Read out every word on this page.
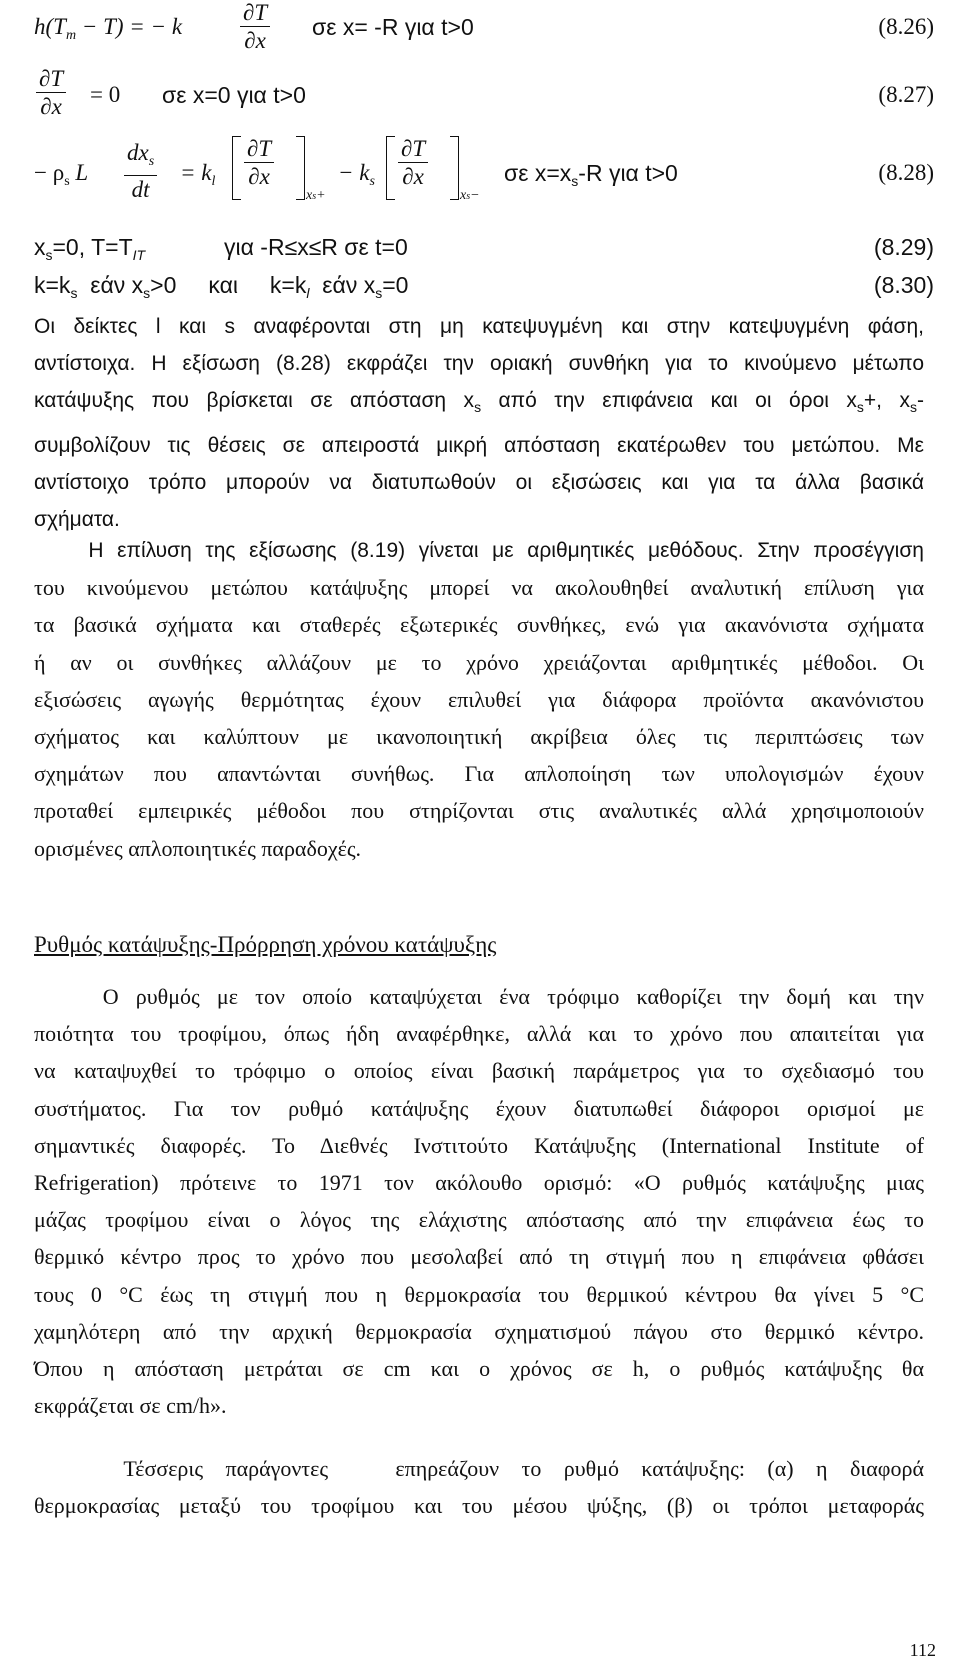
$h(T_m - T)$ = − k	$\frac{\partial T}{\partial x}$ σε x= -R για t>0	(8.26)
$\frac{\partial T}{\partial x} = 0$ σε x=0 για t>0	(8.27)
− $\rho_s$ L
$dx_s$
dt
= $k_l \frac{\partial T}{\partial x}$
xs+
− $k_s \frac{\partial T}{\partial x}$
xs−
σε $x=x_s-R$ για t>0	(8.28)
$x_s=0$, $T=T_{IT}$	για -R≤x≤R σε t=0	(8.29)
$k=k_s$  εάν $x_s>0$     και     $k=k_l$  εάν $x_s=0$	(8.30)
Οι δείκτες l και s αναφέρονται στη μη κατεψυγμένη και στην κατεψυγμένη φάση,
αντίστοιχα. Η εξίσωση (8.28) εκφράζει την οριακή συνθήκη για το κινούμενο μέτωπο
κατάψυξης που βρίσκεται σε απόσταση $x_s$ από την επιφάνεια και οι όροι $x_s+$, $x_s-$
συμβολίζουν τις θέσεις σε απειροστά μικρή απόσταση εκατέρωθεν του μετώπου. Με
αντίστοιχο τρόπο μπορούν να διατυπωθούν οι εξισώσεις και για τα άλλα βασικά
σχήματα.
Η επίλυση της εξίσωσης (8.19) γίνεται με αριθμητικές μεθόδους. Στην προσέγγιση
του κινούμενου μετώπου κατάψυξης μπορεί να ακολουθηθεί αναλυτική επίλυση για
τα βασικά σχήματα και σταθερές εξωτερικές συνθήκες, ενώ για ακανόνιστα σχήματα
ή αν οι συνθήκες αλλάζουν με το χρόνο χρειάζονται αριθμητικές μέθοδοι. Οι
εξισώσεις αγωγής θερμότητας έχουν επιλυθεί για διάφορα προϊόντα ακανόνιστου
σχήματος και καλύπτουν με ικανοποιητική ακρίβεια όλες τις περιπτώσεις των
σχημάτων που απαντώνται συνήθως. Για απλοποίηση των υπολογισμών έχουν
προταθεί εμπειρικές μέθοδοι που στηρίζονται στις αναλυτικές αλλά χρησιμοποιούν
ορισμένες απλοποιητικές παραδοχές.
Ρυθμός κατάψυξης-Πρόρρηση χρόνου κατάψυξης
Ο ρυθμός με τον οποίο καταψύχεται ένα τρόφιμο καθορίζει την δομή και την
ποιότητα του τροφίμου, όπως ήδη αναφέρθηκε, αλλά και το χρόνο που απαιτείται για
να καταψυχθεί το τρόφιμο ο οποίος είναι βασική παράμετρος για το σχεδιασμό του
συστήματος. Για τον ρυθμό κατάψυξης έχουν διατυπωθεί διάφοροι ορισμοί με
σημαντικές διαφορές. Το Διεθνές Ινστιτούτο Κατάψυξης (International Institute of
Refrigeration) πρότεινε το 1971 τον ακόλουθο ορισμό: «Ο ρυθμός κατάψυξης μιας
μάζας τροφίμου είναι ο λόγος της ελάχιστης απόστασης από την επιφάνεια έως το
θερμικό κέντρο προς το χρόνο που μεσολαβεί από τη στιγμή που η επιφάνεια φθάσει
τους 0 °C έως τη στιγμή που η θερμοκρασία του θερμικού κέντρου θα γίνει 5 °C
χαμηλότερη από την αρχική θερμοκρασία σχηματισμού πάγου στο θερμικό κέντρο.
Όπου η απόσταση μετράται σε cm και ο χρόνος σε h, ο ρυθμός κατάψυξης θα
εκφράζεται σε cm/h».
Τέσσερις παράγοντες   επηρεάζουν το ρυθμό κατάψυξης: (α) η διαφορά
θερμοκρασίας μεταξύ του τροφίμου και του μέσου ψύξης, (β) οι τρόποι μεταφοράς
112
